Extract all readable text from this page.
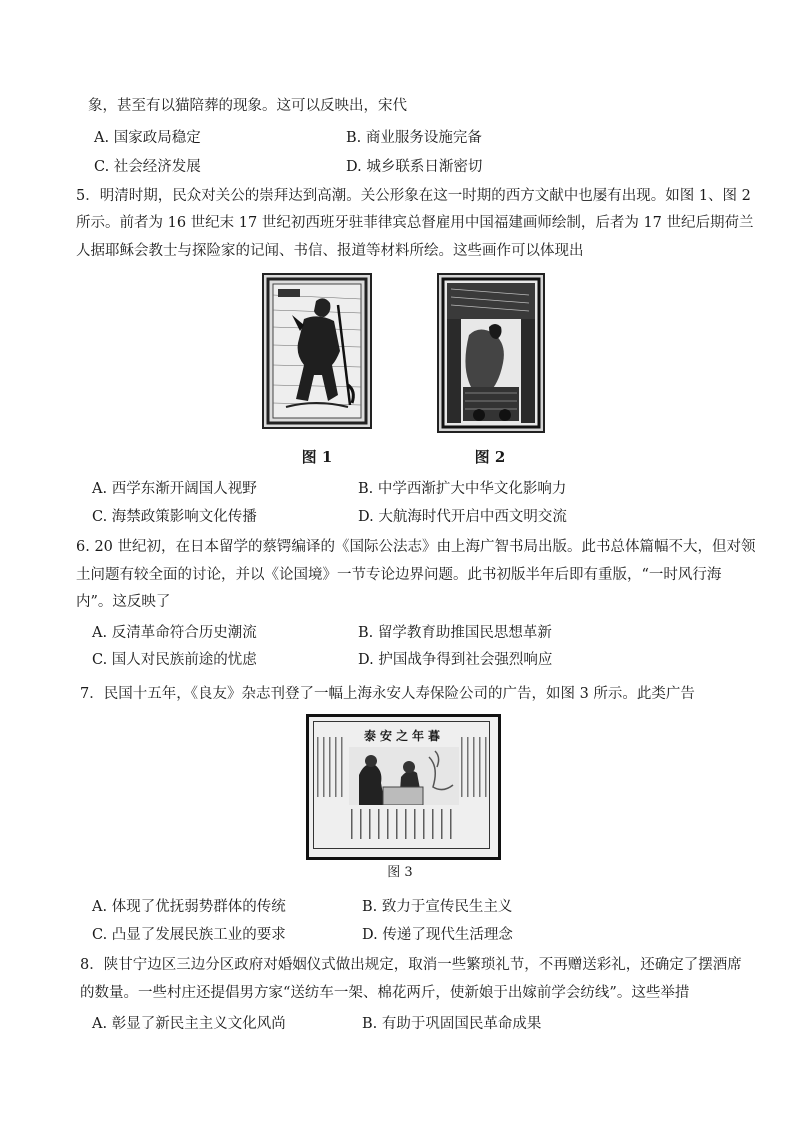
象，甚至有以猫陪葬的现象。这可以反映出，宋代
A. 国家政局稳定	B. 商业服务设施完备
C. 社会经济发展	D. 城乡联系日渐密切
5．明清时期，民众对关公的崇拜达到高潮。关公形象在这一时期的西方文献中也屡有出现。如图 1、图 2
所示。前者为 16 世纪末 17 世纪初西班牙驻菲律宾总督雇用中国福建画师绘制，后者为 17 世纪后期荷兰
人据耶稣会教士与探险家的记闻、书信、报道等材料所绘。这些画作可以体现出
图 1	图 2
A. 西学东渐开阔国人视野	B. 中学西渐扩大中华文化影响力
C. 海禁政策影响文化传播	D. 大航海时代开启中西文明交流
6. 20 世纪初，在日本留学的蔡锷编译的《国际公法志》由上海广智书局出版。此书总体篇幅不大，但对领
土问题有较全面的讨论，并以《论国境》一节专论边界问题。此书初版半年后即有重版，“一时风行海
内”。这反映了
A. 反清革命符合历史潮流	B. 留学教育助推国民思想革新
C. 国人对民族前途的忧虑	D. 护国战争得到社会强烈响应
7．民国十五年，《良友》杂志刊登了一幅上海永安人寿保险公司的广告，如图 3 所示。此类广告
泰安之年暮
图 3
A. 体现了优抚弱势群体的传统	B. 致力于宣传民生主义
C. 凸显了发展民族工业的要求	D. 传递了现代生活理念
8．陕甘宁边区三边分区政府对婚姻仪式做出规定，取消一些繁琐礼节，不再赠送彩礼，还确定了摆酒席
的数量。一些村庄还提倡男方家“送纺车一架、棉花两斤，使新娘于出嫁前学会纺线”。这些举措
A. 彰显了新民主主义文化风尚	B. 有助于巩固国民革命成果
